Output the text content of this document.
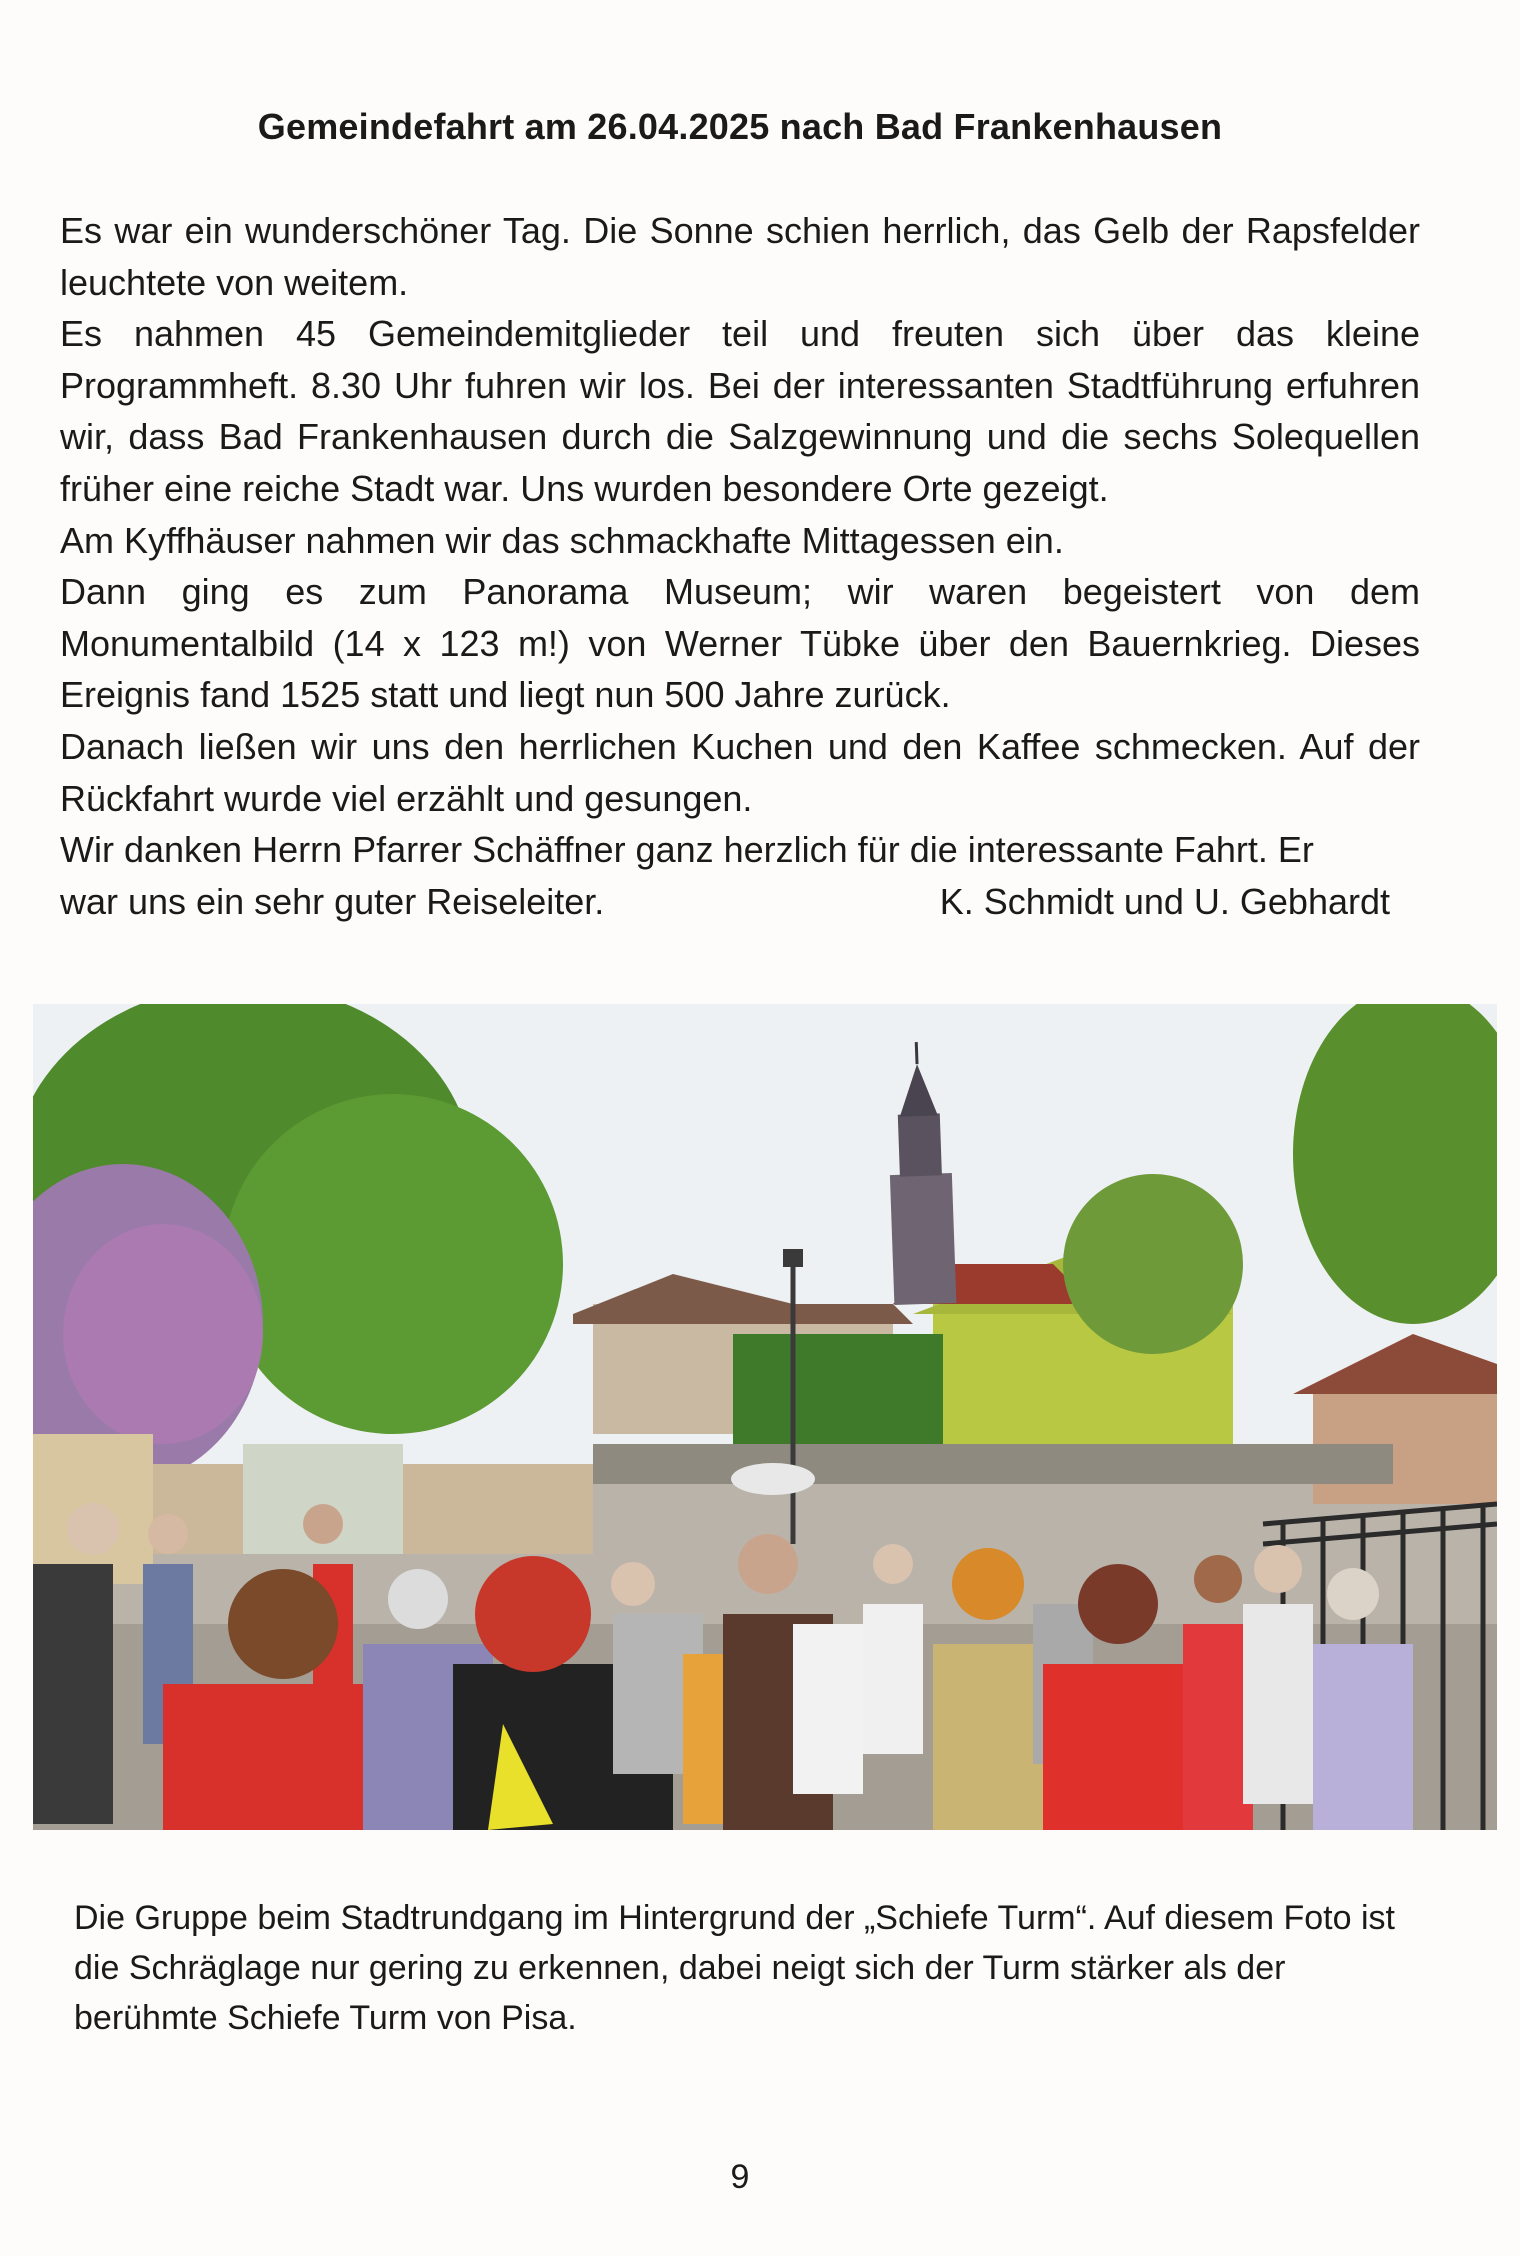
Gemeindefahrt am 26.04.2025 nach Bad Frankenhausen

Es war ein wunderschöner Tag. Die Sonne schien herrlich, das Gelb der Rapsfelder leuchtete von weitem.

Es nahmen 45 Gemeindemitglieder teil und freuten sich über das kleine Programmheft. 8.30 Uhr fuhren wir los. Bei der interessanten Stadtführung erfuhren wir, dass Bad Frankenhausen durch die Salzgewinnung und die sechs Solequellen früher eine reiche Stadt war. Uns wurden besondere Orte gezeigt.

Am Kyffhäuser nahmen wir das schmackhafte Mittagessen ein.

Dann ging es zum Panorama Museum; wir waren begeistert von dem Monumentalbild (14 x 123 m!) von Werner Tübke über den Bauernkrieg. Dieses Ereignis fand 1525 statt und liegt nun 500 Jahre zurück.

Danach ließen wir uns den herrlichen Kuchen und den Kaffee schmecken. Auf der Rückfahrt wurde viel erzählt und gesungen.

Wir danken Herrn Pfarrer Schäffner ganz herzlich für die interessante Fahrt. Er

war uns ein sehr guter Reiseleiter.	K. Schmidt und U. Gebhardt

Die Gruppe beim Stadtrundgang im Hintergrund der „Schiefe Turm“. Auf diesem Foto ist die Schräglage nur gering zu erkennen, dabei neigt sich der Turm stärker als der berühmte Schiefe Turm von Pisa.

9
